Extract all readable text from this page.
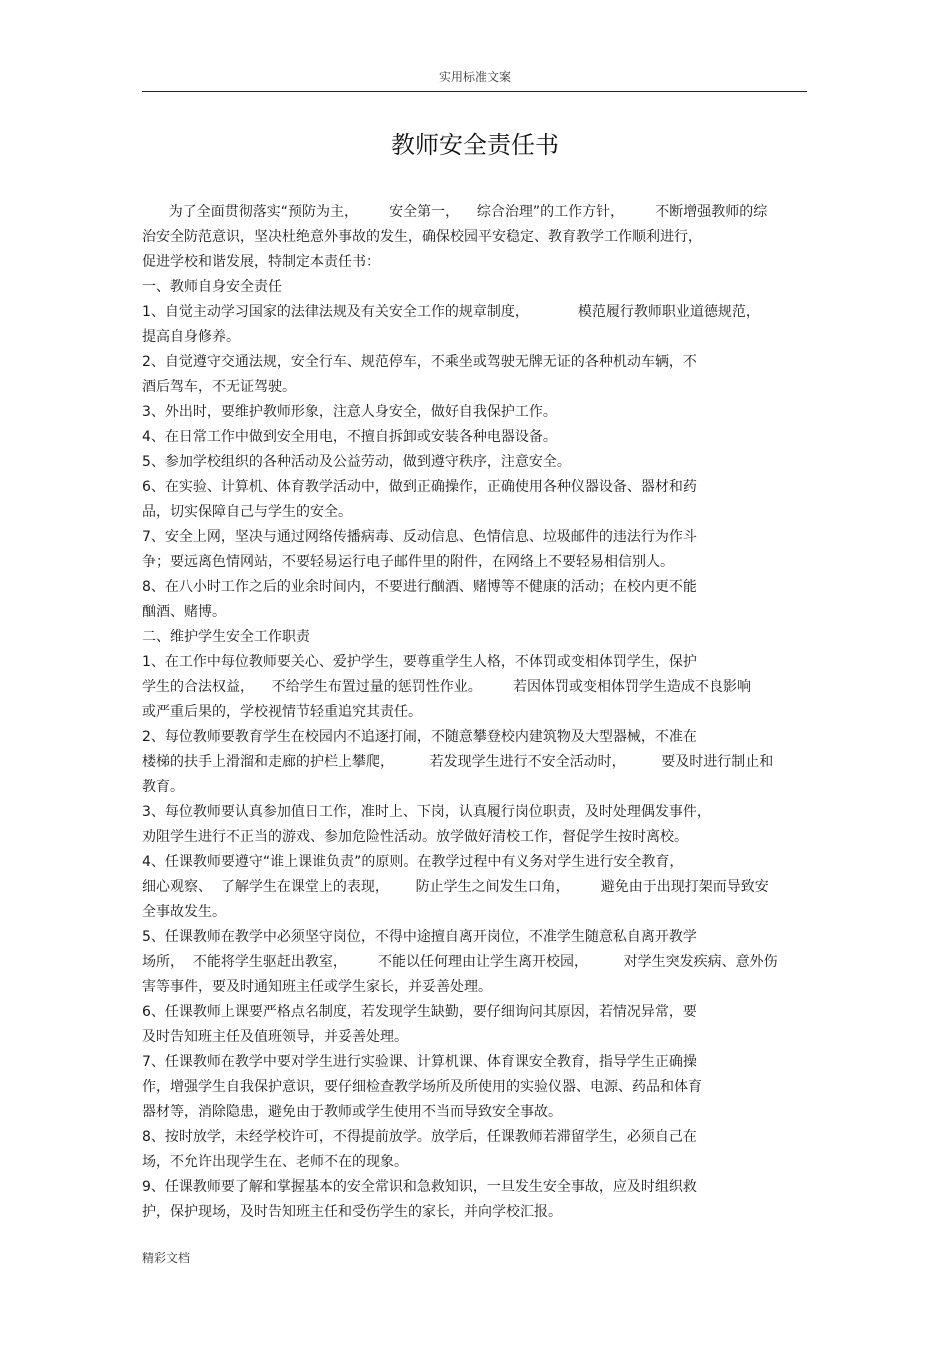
实用标准文案
教师安全责任书
为了全面贯彻落实“预防为主，       安全第一，    综合治理”的工作方针，       不断增强教师的综
治安全防范意识，坚决杜绝意外事故的发生，确保校园平安稳定、教育教学工作顺利进行，
促进学校和谐发展，特制定本责任书：
一、教师自身安全责任
1、自觉主动学习国家的法律法规及有关安全工作的规章制度，           模范履行教师职业道德规范，
提高自身修养。
2、自觉遵守交通法规，安全行车、规范停车，不乘坐或驾驶无牌无证的各种机动车辆，不
酒后驾车，不无证驾驶。
3、外出时，要维护教师形象，注意人身安全，做好自我保护工作。
4、在日常工作中做到安全用电，不擅自拆卸或安装各种电器设备。
5、参加学校组织的各种活动及公益劳动，做到遵守秩序，注意安全。
6、在实验、计算机、体育教学活动中，做到正确操作，正确使用各种仪器设备、器材和药
品，切实保障自己与学生的安全。
7、安全上网，坚决与通过网络传播病毒、反动信息、色情信息、垃圾邮件的违法行为作斗
争；要远离色情网站，不要轻易运行电子邮件里的附件，在网络上不要轻易相信别人。
8、在八小时工作之后的业余时间内，不要进行酗酒、赌博等不健康的活动；在校内更不能
酗酒、赌博。
二、维护学生安全工作职责
1、在工作中每位教师要关心、爱护学生，要尊重学生人格，不体罚或变相体罚学生，保护
学生的合法权益，    不给学生布置过量的惩罚性作业。       若因体罚或变相体罚学生造成不良影响
或严重后果的，学校视情节轻重追究其责任。
2、每位教师要教育学生在校园内不追逐打闹，不随意攀登校内建筑物及大型器械，不准在
楼梯的扶手上滑溜和走廊的护栏上攀爬，        若发现学生进行不安全活动时，        要及时进行制止和
教育。
3、每位教师要认真参加值日工作，准时上、下岗，认真履行岗位职责，及时处理偶发事件，
劝阻学生进行不正当的游戏、参加危险性活动。放学做好清校工作，督促学生按时离校。
4、任课教师要遵守“谁上课谁负责”的原则。在教学过程中有义务对学生进行安全教育，
细心观察、  了解学生在课堂上的表现，      防止学生之间发生口角，       避免由于出现打架而导致安
全事故发生。
5、任课教师在教学中必须坚守岗位，不得中途擅自离开岗位，不准学生随意私自离开教学
场所，  不能将学生驱赶出教室，       不能以任何理由让学生离开校园，        对学生突发疾病、意外伤
害等事件，要及时通知班主任或学生家长，并妥善处理。
6、任课教师上课要严格点名制度，若发现学生缺勤，要仔细询问其原因，若情况异常，要
及时告知班主任及值班领导，并妥善处理。
7、任课教师在教学中要对学生进行实验课、计算机课、体育课安全教育，指导学生正确操
作，增强学生自我保护意识，要仔细检查教学场所及所使用的实验仪器、电源、药品和体育
器材等，消除隐患，避免由于教师或学生使用不当而导致安全事故。
8、按时放学，未经学校许可，不得提前放学。放学后，任课教师若滞留学生，必须自己在
场，不允许出现学生在、老师不在的现象。
9、任课教师要了解和掌握基本的安全常识和急救知识，一旦发生安全事故，应及时组织救
护，保护现场，及时告知班主任和受伤学生的家长，并向学校汇报。
精彩文档
